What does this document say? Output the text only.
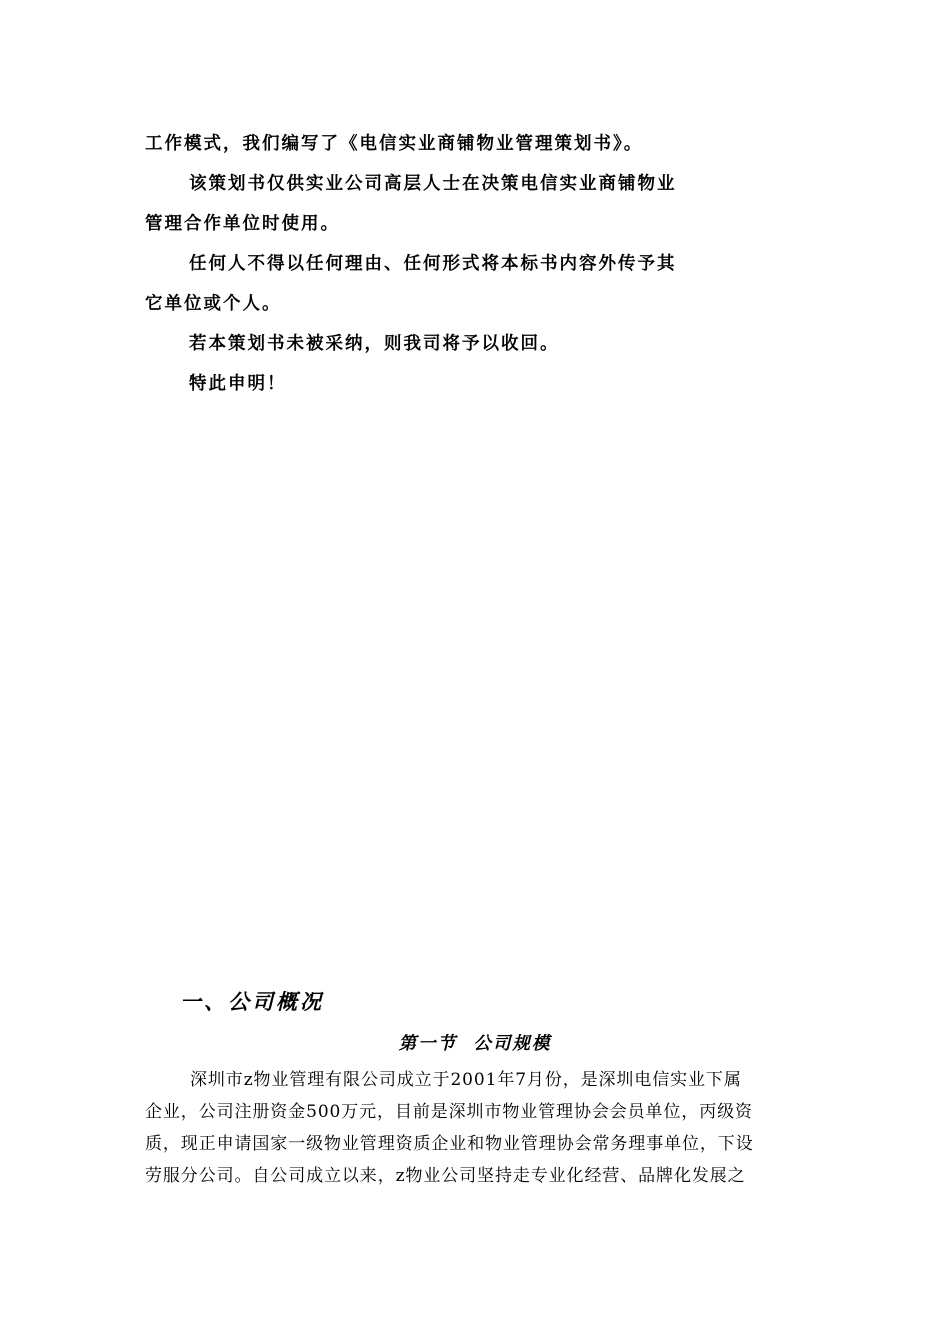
工作模式，我们编写了《电信实业商铺物业管理策划书》。

该策划书仅供实业公司高层人士在决策电信实业商铺物业

管理合作单位时使用。

任何人不得以任何理由、任何形式将本标书内容外传予其

它单位或个人。

若本策划书未被采纳，则我司将予以收回。

特此申明！

一、公司概况
第一节  公司规模

深圳市z物业管理有限公司成立于2001年7月份，是深圳电信实业下属

企业，公司注册资金500万元，目前是深圳市物业管理协会会员单位，丙级资

质，现正申请国家一级物业管理资质企业和物业管理协会常务理事单位，下设

劳服分公司。自公司成立以来，z物业公司坚持走专业化经营、品牌化发展之
